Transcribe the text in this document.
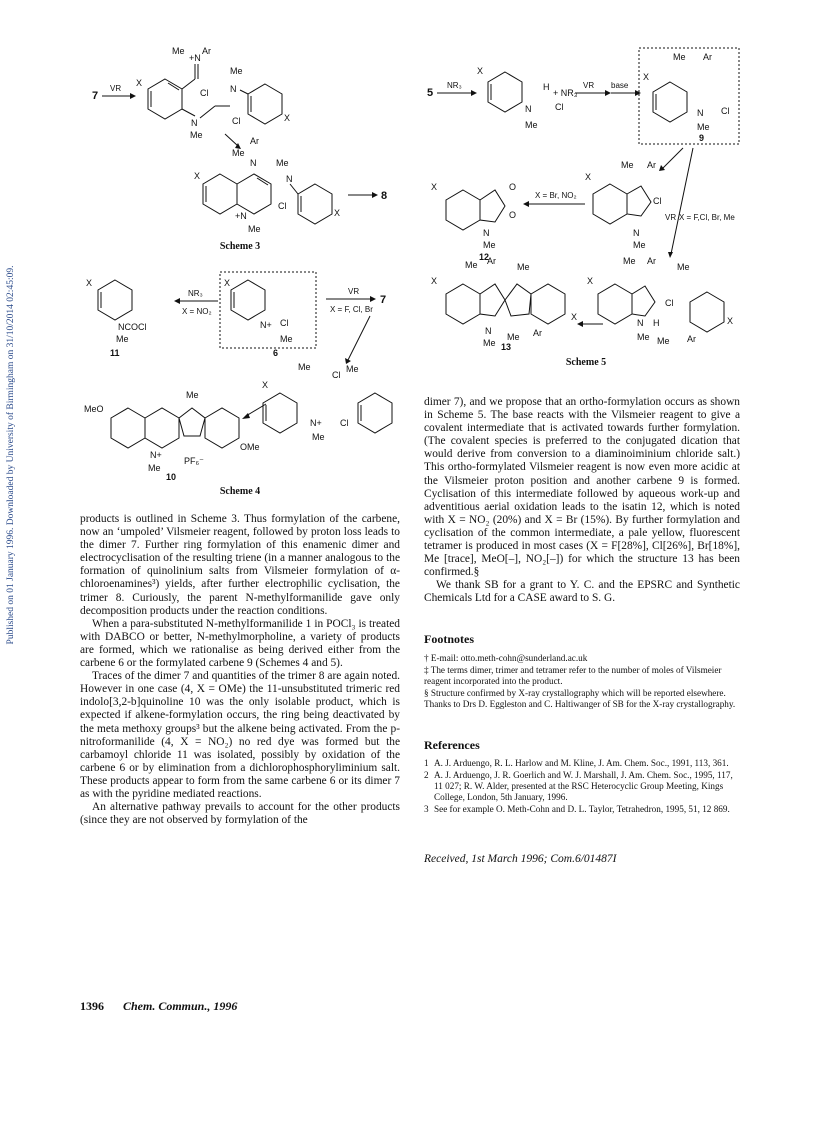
Published on 01 January 1996. Downloaded by University of Birmingham on 31/10/2014 02:45:09.
7
VR
X
Me
+N
Ar
N
Me
Cl
Cl
N
Me
X
Me
Ar
N Me
X
+N
Me
Cl
N
X
8
Scheme 3
X
NCOCl
Me
11
NR₃
X = NO₂
X
N+ Cl
Me
6
VR
X = F, Cl, Br
7
Me
Cl
Me
X
N+
Me
Cl
Me
MeO
OMe
N+
Me
PF₆⁻
10
Scheme 4
5
NR₃
X
N
Me
H
+ NR₃
Cl
VR base
Me Ar
X
N Cl
Me
9
VR X = F,Cl, Br, Me
Me Ar
X
Cl
N
Me
X = Br, NO₂
X	O
O
N
Me
12
Me Ar
Me
X
X
N
Me
Me Ar
13
Me Ar
Me
X
Cl
N H
Me
X
Me Ar
Scheme 5

products is outlined in Scheme 3. Thus formylation of the carbene, now an ‘umpoled’ Vilsmeier reagent, followed by proton loss leads to the dimer 7. Further ring formylation of this enamenic dimer and electrocyclisation of the resulting triene (in a manner analogous to the formation of quinolinium salts from Vilsmeier formylation of α-chloroenamines³) yields, after further electrophilic cyclisation, the trimer 8. Curiously, the parent N-methylformanilide gave only decomposition products under the reaction conditions.

When a para-substituted N-methylformanilide 1 in POCl₃ is treated with DABCO or better, N-methylmorpholine, a variety of products are formed, which we rationalise as being derived either from the carbene 6 or the formylated carbene 9 (Schemes 4 and 5).

Traces of the dimer 7 and quantities of the trimer 8 are again noted. However in one case (4, X = OMe) the 11-unsubstituted trimeric red indolo[3,2-b]quinoline 10 was the only isolable product, which is expected if alkene-formylation occurs, the ring being deactivated by the meta methoxy groups³ but the alkene being activated. From the p-nitroformanilide (4, X = NO₂) no red dye was formed but the carbamoyl chloride 11 was isolated, possibly by oxidation of the carbene 6 or by elimination from a dichlorophosphoryliminium salt. These products appear to form from the same carbene 6 or its dimer 7 as with the pyridine mediated reactions.

An alternative pathway prevails to account for the other products (since they are not observed by formylation of the

dimer 7), and we propose that an ortho-formylation occurs as shown in Scheme 5. The base reacts with the Vilsmeier reagent to give a covalent intermediate that is activated towards further formylation. (The covalent species is preferred to the conjugated dication that would derive from conversion to a diaminoiminium chloride salt.) This ortho-formylated Vilsmeier reagent is now even more acidic at the Vilsmeier proton position and another carbene 9 is formed. Cyclisation of this intermediate followed by aqueous work-up and adventitious aerial oxidation leads to the isatin 12, which is noted with X = NO₂ (20%) and X = Br (15%). By further formylation and cyclisation of the common intermediate, a pale yellow, fluorescent tetramer is produced in most cases (X = F[28%], Cl[26%], Br[18%], Me [trace], MeO[–], NO₂[–]) for which the structure 13 has been confirmed.§

We thank SB for a grant to Y. C. and the EPSRC and Synthetic Chemicals Ltd for a CASE award to S. G.

Footnotes
† E-mail: otto.meth-cohn@sunderland.ac.uk
‡ The terms dimer, trimer and tetramer refer to the number of moles of Vilsmeier reagent incorporated into the product.
§ Structure confirmed by X-ray crystallography which will be reported elsewhere. Thanks to Drs D. Eggleston and C. Haltiwanger of SB for the X-ray crystallography.
References
1 A. J. Arduengo, R. L. Harlow and M. Kline, J. Am. Chem. Soc., 1991, 113, 361.
2 A. J. Arduengo, J. R. Goerlich and W. J. Marshall, J. Am. Chem. Soc., 1995, 117, 11 027; R. W. Alder, presented at the RSC Heterocyclic Group Meeting, Kings College, London, 5th January, 1996.
3 See for example O. Meth-Cohn and D. L. Taylor, Tetrahedron, 1995, 51, 12 869.
Received, 1st March 1996; Com.6/01487I
1396 Chem. Commun., 1996
